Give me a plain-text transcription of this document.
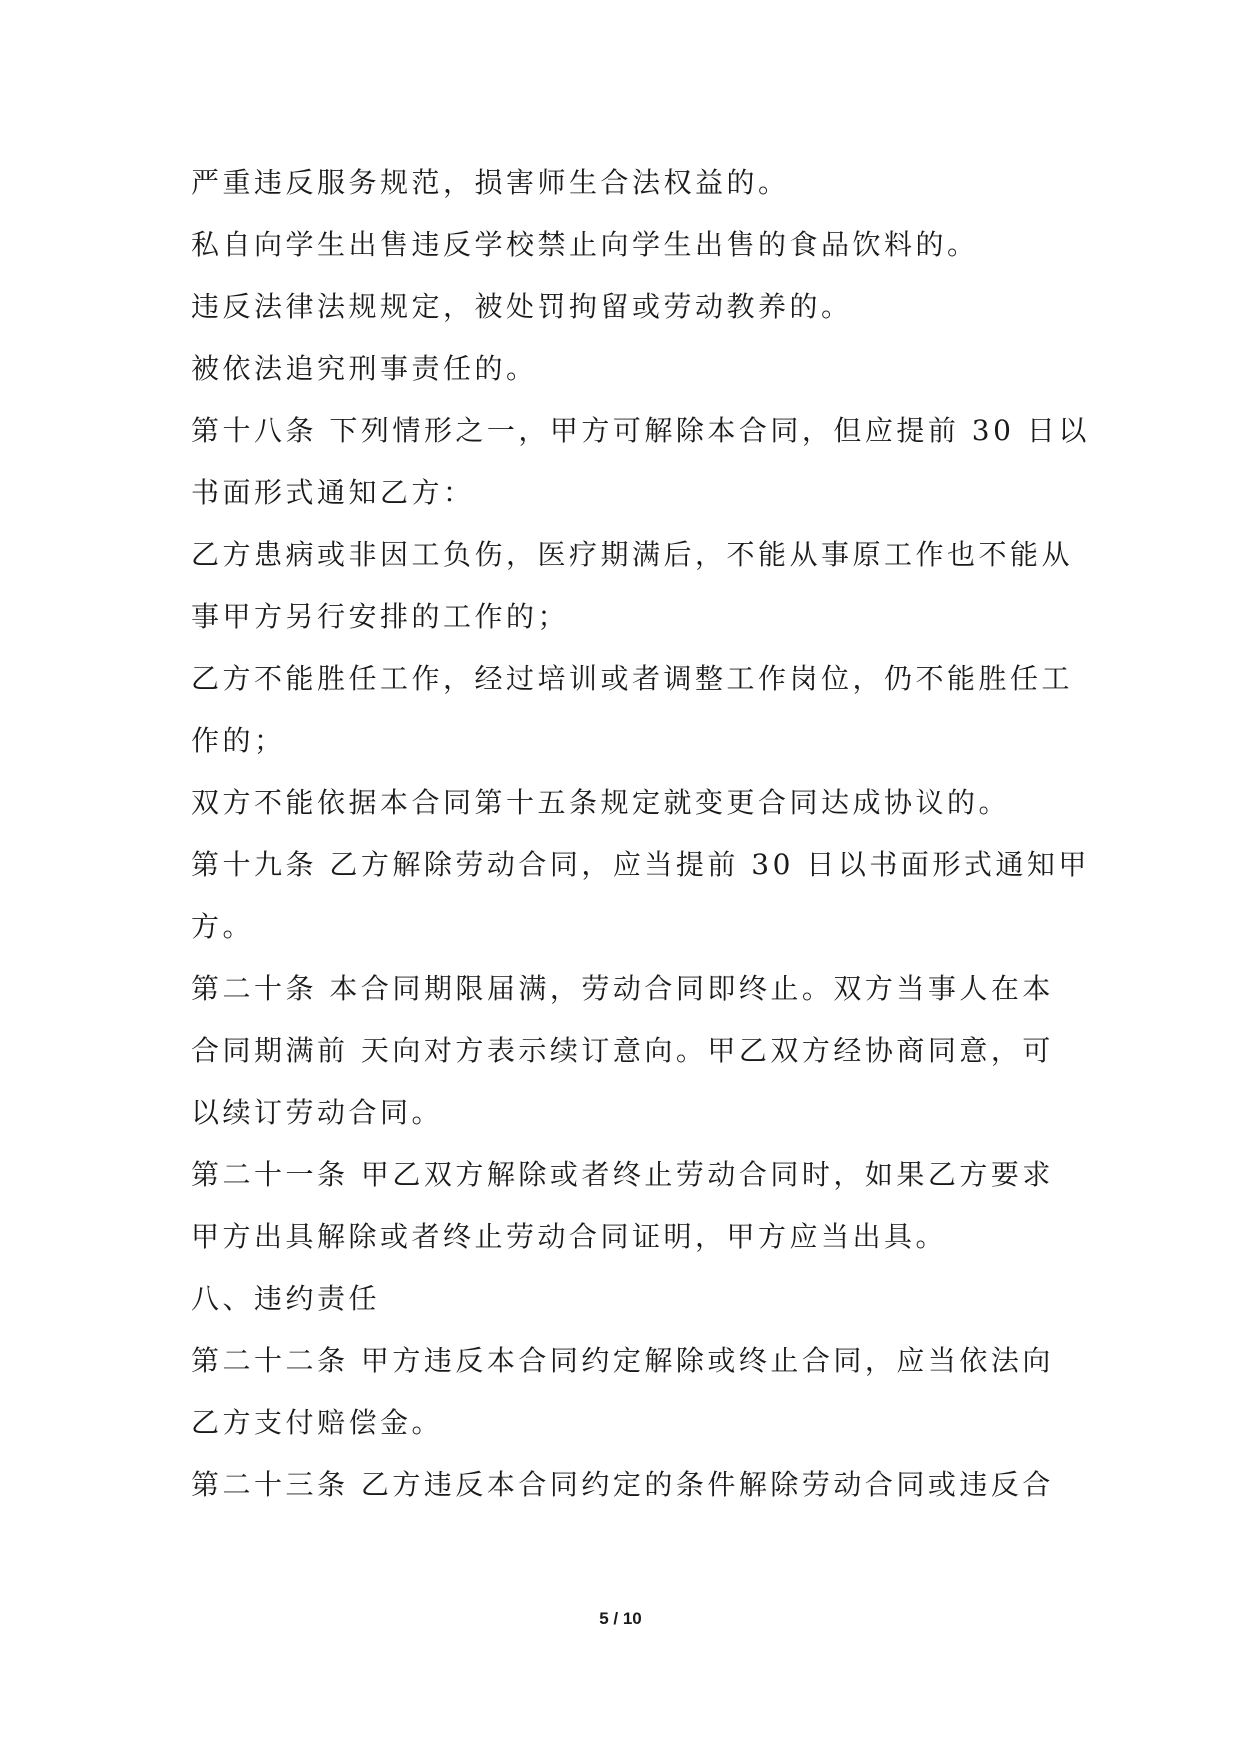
严重违反服务规范，损害师生合法权益的。
私自向学生出售违反学校禁止向学生出售的食品饮料的。
违反法律法规规定，被处罚拘留或劳动教养的。
被依法追究刑事责任的。
第十八条 下列情形之一，甲方可解除本合同，但应提前 30 日以
书面形式通知乙方：
乙方患病或非因工负伤，医疗期满后，不能从事原工作也不能从
事甲方另行安排的工作的；
乙方不能胜任工作，经过培训或者调整工作岗位，仍不能胜任工
作的；
双方不能依据本合同第十五条规定就变更合同达成协议的。
第十九条 乙方解除劳动合同，应当提前 30 日以书面形式通知甲
方。
第二十条 本合同期限届满，劳动合同即终止。双方当事人在本
合同期满前 天向对方表示续订意向。甲乙双方经协商同意，可
以续订劳动合同。
第二十一条 甲乙双方解除或者终止劳动合同时，如果乙方要求
甲方出具解除或者终止劳动合同证明，甲方应当出具。
八、违约责任
第二十二条 甲方违反本合同约定解除或终止合同，应当依法向
乙方支付赔偿金。
第二十三条 乙方违反本合同约定的条件解除劳动合同或违反合
5 / 10
